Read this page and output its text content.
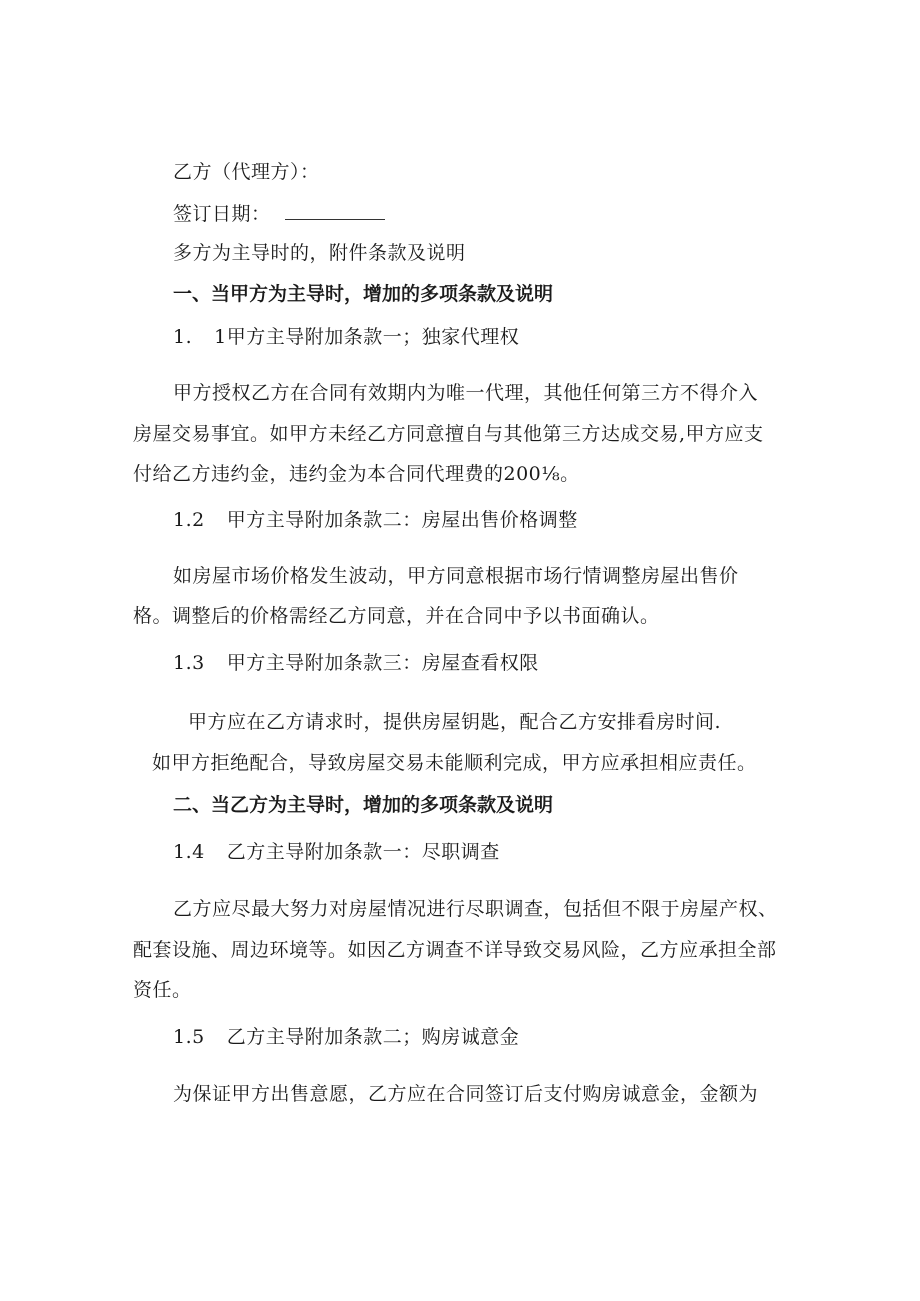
乙方（代理方）：
签订日期：
多方为主导时的，附件条款及说明
一、当甲方为主导时，增加的多项条款及说明
1. 1甲方主导附加条款一；独家代理权
甲方授权乙方在合同有效期内为唯一代理，其他任何第三方不得介入
房屋交易事宜。如甲方未经乙方同意擅自与其他第三方达成交易,甲方应支
付给乙方违约金，违约金为本合同代理费的200⅛。
1.2 甲方主导附加条款二：房屋出售价格调整
如房屋市场价格发生波动，甲方同意根据市场行情调整房屋出售价
格。调整后的价格需经乙方同意，并在合同中予以书面确认。
1.3 甲方主导附加条款三：房屋查看权限
甲方应在乙方请求时，提供房屋钥匙，配合乙方安排看房时间.
如甲方拒绝配合，导致房屋交易未能顺利完成，甲方应承担相应责任。
二、当乙方为主导时，增加的多项条款及说明
1.4 乙方主导附加条款一：尽职调查
乙方应尽最大努力对房屋情况进行尽职调查，包括但不限于房屋产权、
配套设施、周边环境等。如因乙方调查不详导致交易风险，乙方应承担全部
资任。
1.5 乙方主导附加条款二；购房诚意金
为保证甲方出售意愿，乙方应在合同签订后支付购房诚意金，金额为
